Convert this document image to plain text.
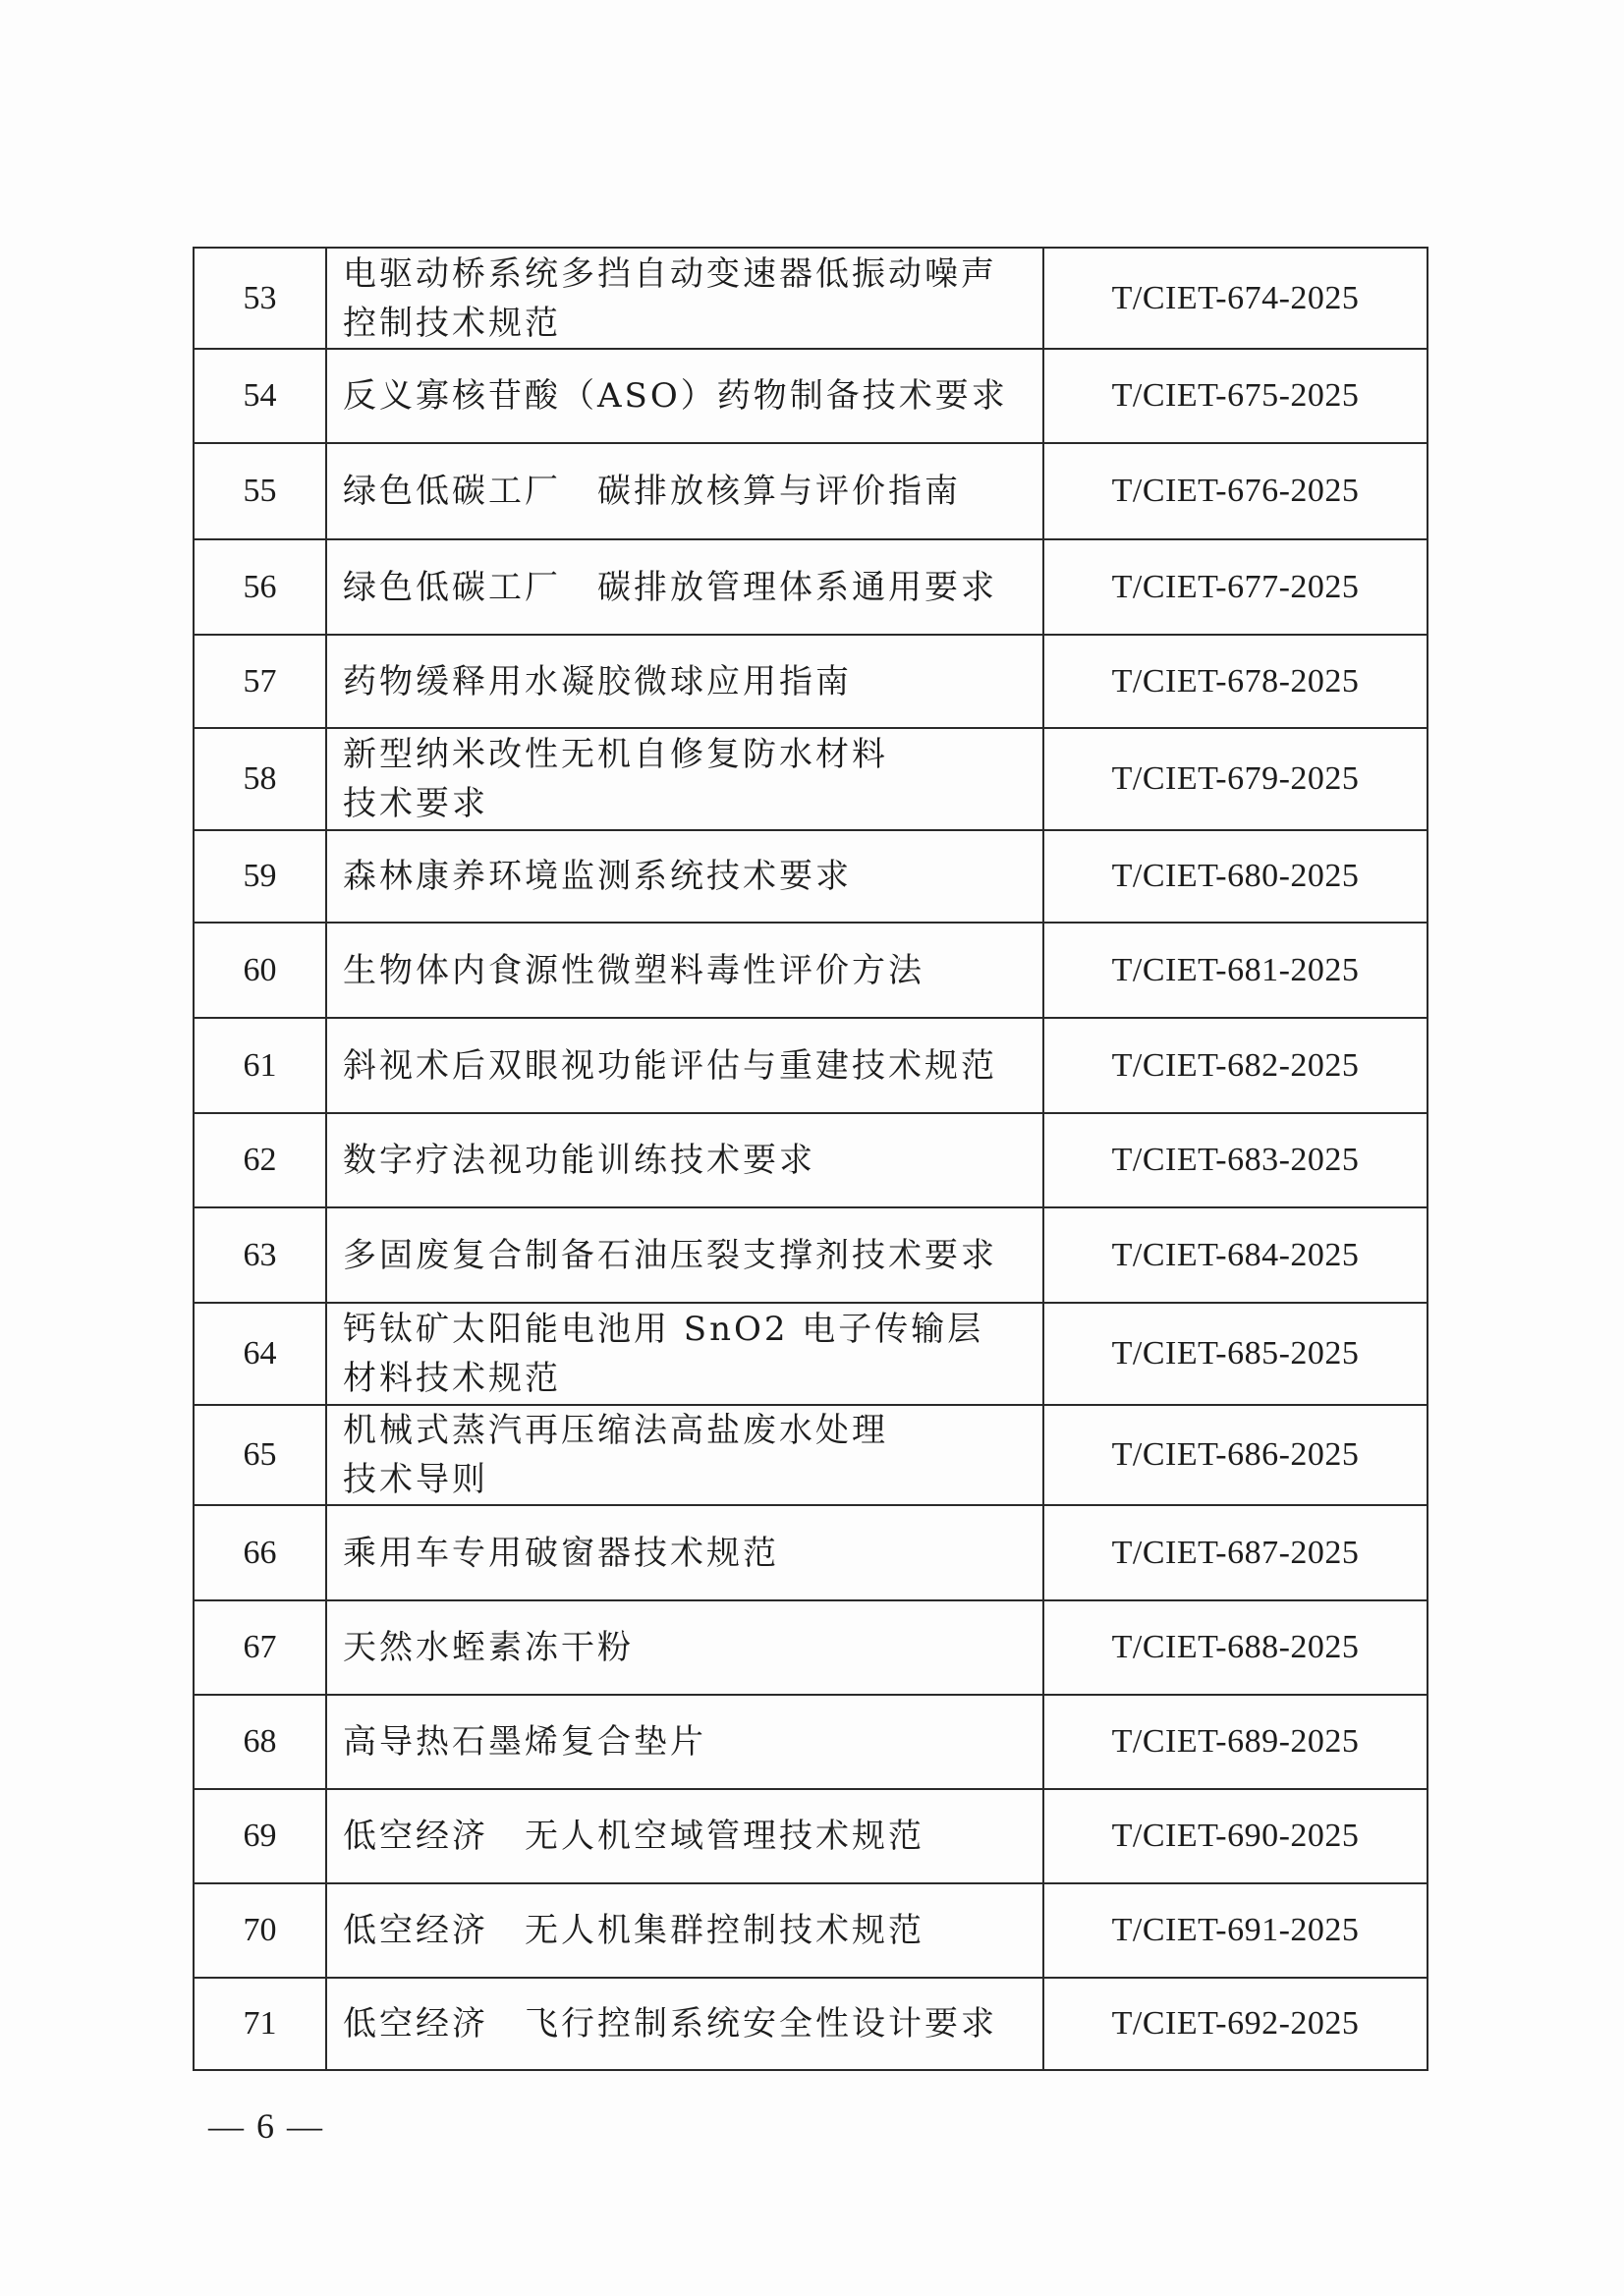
53	电驱动桥系统多挡自动变速器低振动噪声
控制技术规范	T/CIET-674-2025
54	反义寡核苷酸（ASO）药物制备技术要求	T/CIET-675-2025
55	绿色低碳工厂　碳排放核算与评价指南	T/CIET-676-2025
56	绿色低碳工厂　碳排放管理体系通用要求	T/CIET-677-2025
57	药物缓释用水凝胶微球应用指南	T/CIET-678-2025
58	新型纳米改性无机自修复防水材料
技术要求	T/CIET-679-2025
59	森林康养环境监测系统技术要求	T/CIET-680-2025
60	生物体内食源性微塑料毒性评价方法	T/CIET-681-2025
61	斜视术后双眼视功能评估与重建技术规范	T/CIET-682-2025
62	数字疗法视功能训练技术要求	T/CIET-683-2025
63	多固废复合制备石油压裂支撑剂技术要求	T/CIET-684-2025
64	钙钛矿太阳能电池用 SnO2 电子传输层
材料技术规范	T/CIET-685-2025
65	机械式蒸汽再压缩法高盐废水处理
技术导则	T/CIET-686-2025
66	乘用车专用破窗器技术规范	T/CIET-687-2025
67	天然水蛭素冻干粉	T/CIET-688-2025
68	高导热石墨烯复合垫片	T/CIET-689-2025
69	低空经济　无人机空域管理技术规范	T/CIET-690-2025
70	低空经济　无人机集群控制技术规范	T/CIET-691-2025
71	低空经济　飞行控制系统安全性设计要求	T/CIET-692-2025
— 6 —
